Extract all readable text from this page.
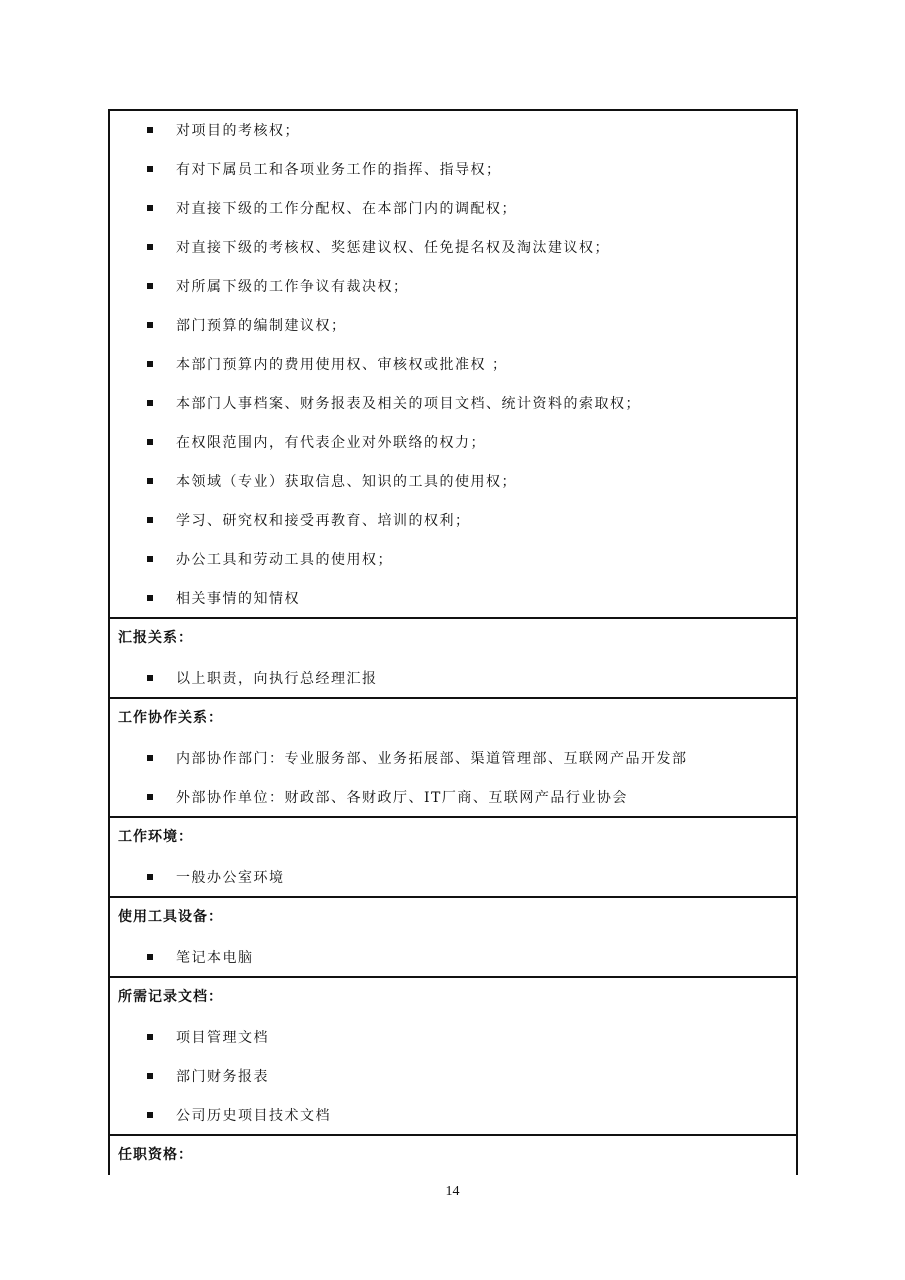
对项目的考核权；
有对下属员工和各项业务工作的指挥、指导权；
对直接下级的工作分配权、在本部门内的调配权；
对直接下级的考核权、奖惩建议权、任免提名权及淘汰建议权；
对所属下级的工作争议有裁决权；
部门预算的编制建议权；
本部门预算内的费用使用权、审核权或批准权 ；
本部门人事档案、财务报表及相关的项目文档、统计资料的索取权；
在权限范围内，有代表企业对外联络的权力；
本领域（专业）获取信息、知识的工具的使用权；
学习、研究权和接受再教育、培训的权利；
办公工具和劳动工具的使用权；
相关事情的知情权
汇报关系：
以上职责，向执行总经理汇报
工作协作关系：
内部协作部门：专业服务部、业务拓展部、渠道管理部、互联网产品开发部
外部协作单位：财政部、各财政厅、IT厂商、互联网产品行业协会
工作环境：
一般办公室环境
使用工具设备：
笔记本电脑
所需记录文档：
项目管理文档
部门财务报表
公司历史项目技术文档
任职资格：
14
